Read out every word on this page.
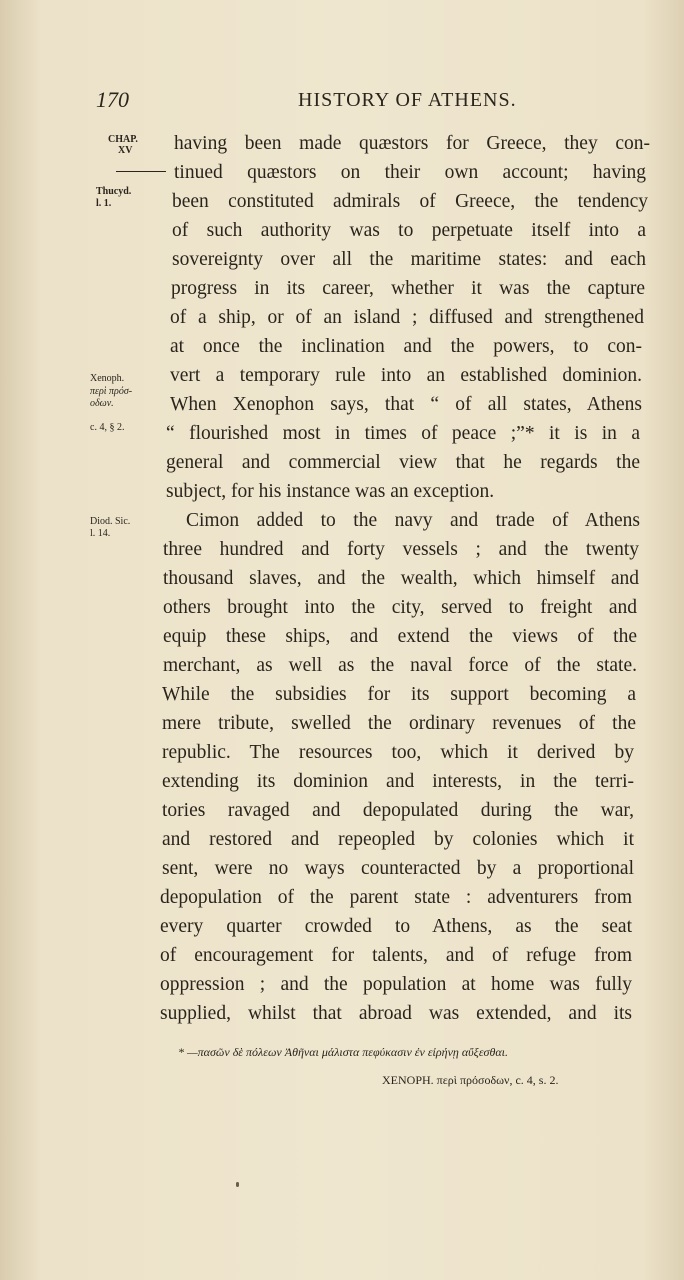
170	HISTORY OF ATHENS.
CHAP.
XV
Thucyd.
l. 1.
Xenoph.
περὶ πρόσ-
οδων.
c. 4, § 2.
Diod. Sic.
l. 14.
having been made quæstors for Greece, they con-
tinued quæstors on their own account; having
been constituted admirals of Greece, the tendency
of such authority was to perpetuate itself into a
sovereignty over all the maritime states: and each
progress in its career, whether it was the capture
of a ship, or of an island ; diffused and strengthened
at once the inclination and the powers, to con-
vert a temporary rule into an established dominion.
When Xenophon says, that “ of all states, Athens
“ flourished most in times of peace ;”* it is in a
general and commercial view that he regards the
subject, for his instance was an exception.
Cimon added to the navy and trade of Athens
three hundred and forty vessels ; and the twenty
thousand slaves, and the wealth, which himself and
others brought into the city, served to freight and
equip these ships, and extend the views of the
merchant, as well as the naval force of the state.
While the subsidies for its support becoming a
mere tribute, swelled the ordinary revenues of the
republic. The resources too, which it derived by
extending its dominion and interests, in the terri-
tories ravaged and depopulated during the war,
and restored and repeopled by colonies which it
sent, were no ways counteracted by a proportional
depopulation of the parent state : adventurers from
every quarter crowded to Athens, as the seat
of encouragement for talents, and of refuge from
oppression ; and the population at home was fully
supplied, whilst that abroad was extended, and its
* —πασῶν δὲ πόλεων Ἀθῆναι μάλιστα πεφύκασιν ἐν εἰρήνῃ αὔξεσθαι.
XENOPH. περὶ πρόσοδων, c. 4, s. 2.
